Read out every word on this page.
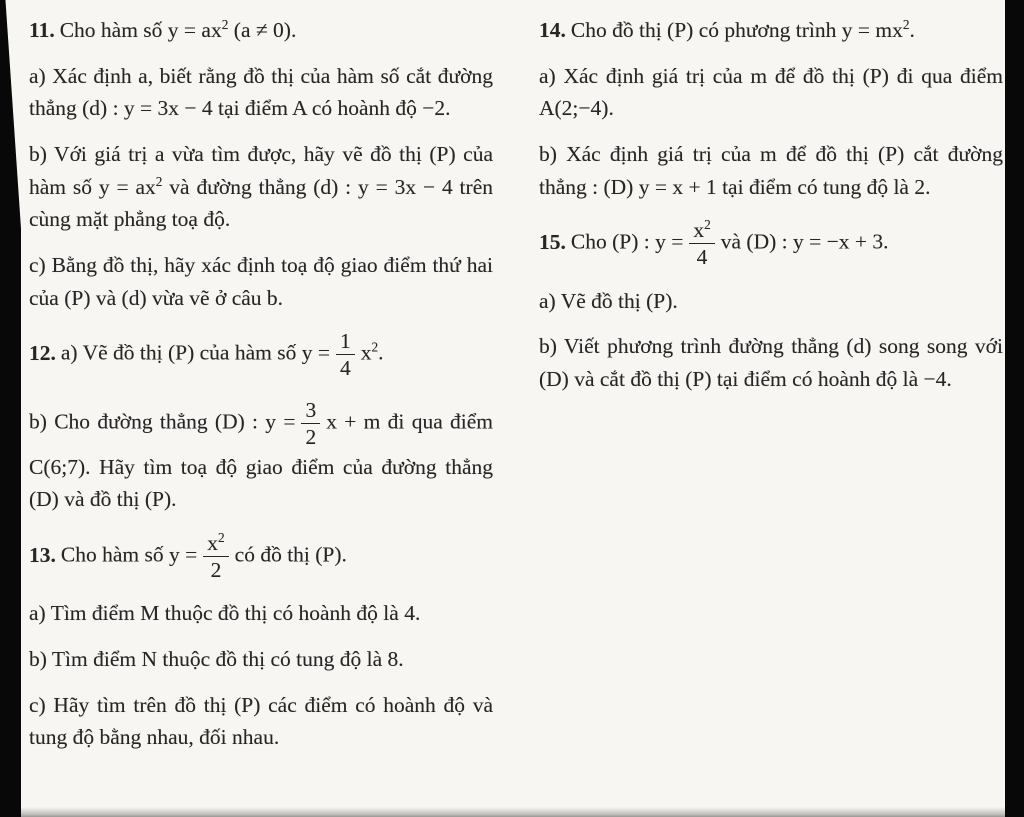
11. Cho hàm số $y = ax^2$ (a ≠ 0).

a) Xác định a, biết rằng đồ thị của hàm số cắt đường thẳng (d) : y = 3x − 4 tại điểm A có hoành độ −2.

b) Với giá trị a vừa tìm được, hãy vẽ đồ thị (P) của hàm số $y = ax^2$ và đường thẳng (d) : y = 3x − 4 trên cùng mặt phẳng toạ độ.

c) Bằng đồ thị, hãy xác định toạ độ giao điểm thứ hai của (P) và (d) vừa vẽ ở câu b.

12. a) Vẽ đồ thị (P) của hàm số $y = \frac{1}{4} x^2$.

b) Cho đường thẳng (D) : $y = \frac{3}{2}$ x + m đi qua điểm C(6;7). Hãy tìm toạ độ giao điểm của đường thẳng (D) và đồ thị (P).

13. Cho hàm số $y = \frac{x^2}{2}$ có đồ thị (P).

a) Tìm điểm M thuộc đồ thị có hoành độ là 4.

b) Tìm điểm N thuộc đồ thị có tung độ là 8.

c) Hãy tìm trên đồ thị (P) các điểm có hoành độ và tung độ bằng nhau, đối nhau.

14. Cho đồ thị (P) có phương trình $y = mx^2$.

a) Xác định giá trị của m để đồ thị (P) đi qua điểm A(2;−4).

b) Xác định giá trị của m để đồ thị (P) cắt đường thẳng : (D) y = x + 1 tại điểm có tung độ là 2.

15. Cho (P) : $y = \frac{x^2}{4}$ và (D) : y = −x + 3.

a) Vẽ đồ thị (P).

b) Viết phương trình đường thẳng (d) song song với (D) và cắt đồ thị (P) tại điểm có hoành độ là −4.
